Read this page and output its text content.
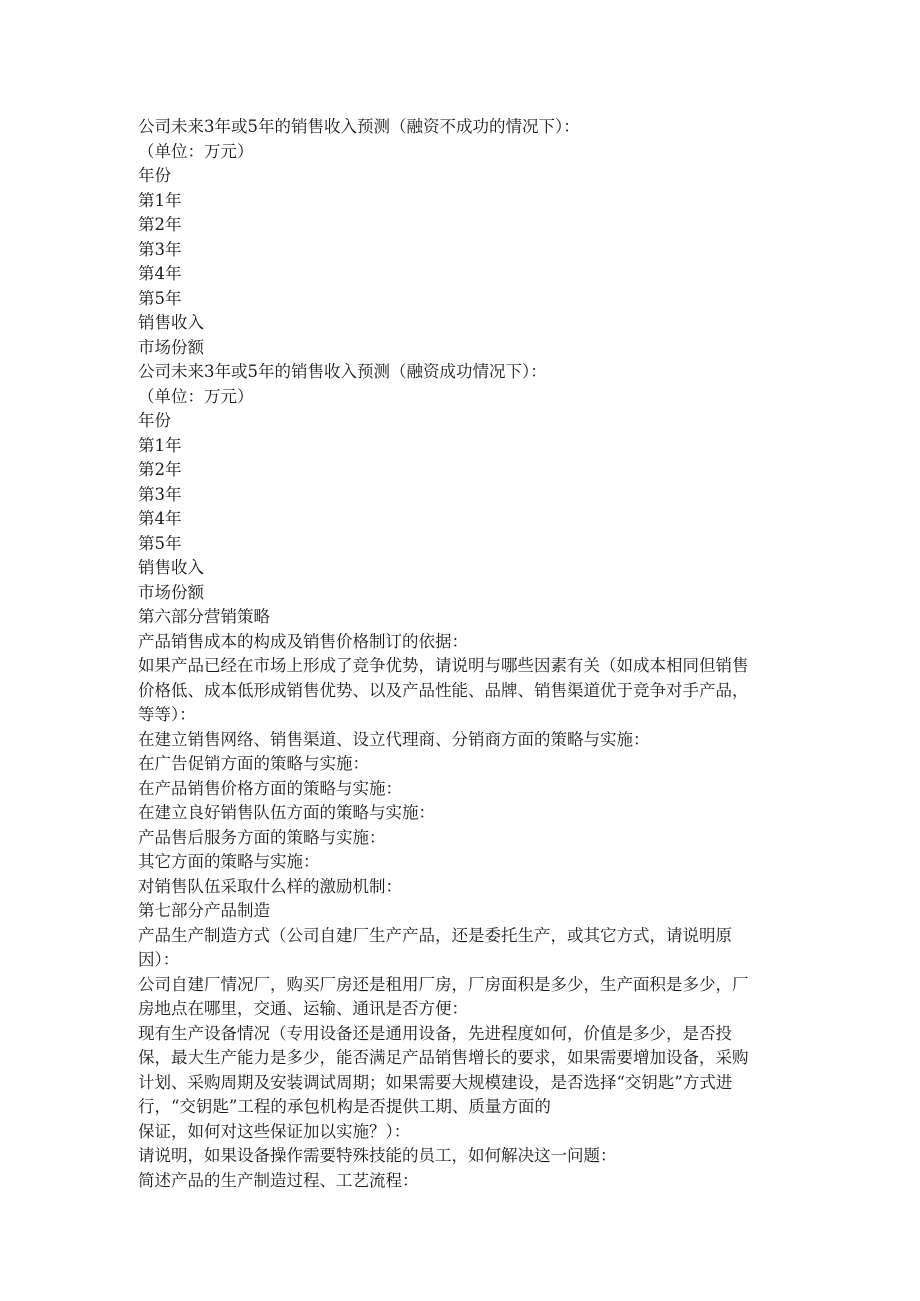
公司未来3年或5年的销售收入预测（融资不成功的情况下）：

（单位：万元）

年份

第1年

第2年

第3年

第4年

第5年

销售收入

市场份额

公司未来3年或5年的销售收入预测（融资成功情况下）：

（单位：万元）

年份

第1年

第2年

第3年

第4年

第5年

销售收入

市场份额

第六部分营销策略

产品销售成本的构成及销售价格制订的依据：

如果产品已经在市场上形成了竞争优势，请说明与哪些因素有关（如成本相同但销售

价格低、成本低形成销售优势、以及产品性能、品牌、销售渠道优于竞争对手产品，

等等）：

在建立销售网络、销售渠道、设立代理商、分销商方面的策略与实施：

在广告促销方面的策略与实施：

在产品销售价格方面的策略与实施：

在建立良好销售队伍方面的策略与实施：

产品售后服务方面的策略与实施：

其它方面的策略与实施：

对销售队伍采取什么样的激励机制：

第七部分产品制造

产品生产制造方式（公司自建厂生产产品，还是委托生产，或其它方式，请说明原

因）：

公司自建厂情况厂，购买厂房还是租用厂房，厂房面积是多少，生产面积是多少，厂

房地点在哪里，交通、运输、通讯是否方便：

现有生产设备情况（专用设备还是通用设备，先进程度如何，价值是多少，是否投

保，最大生产能力是多少，能否满足产品销售增长的要求，如果需要增加设备，采购

计划、采购周期及安装调试周期；如果需要大规模建设，是否选择“交钥匙”方式进

行，“交钥匙”工程的承包机构是否提供工期、质量方面的

保证，如何对这些保证加以实施？）：

请说明，如果设备操作需要特殊技能的员工，如何解决这一问题：

简述产品的生产制造过程、工艺流程：
